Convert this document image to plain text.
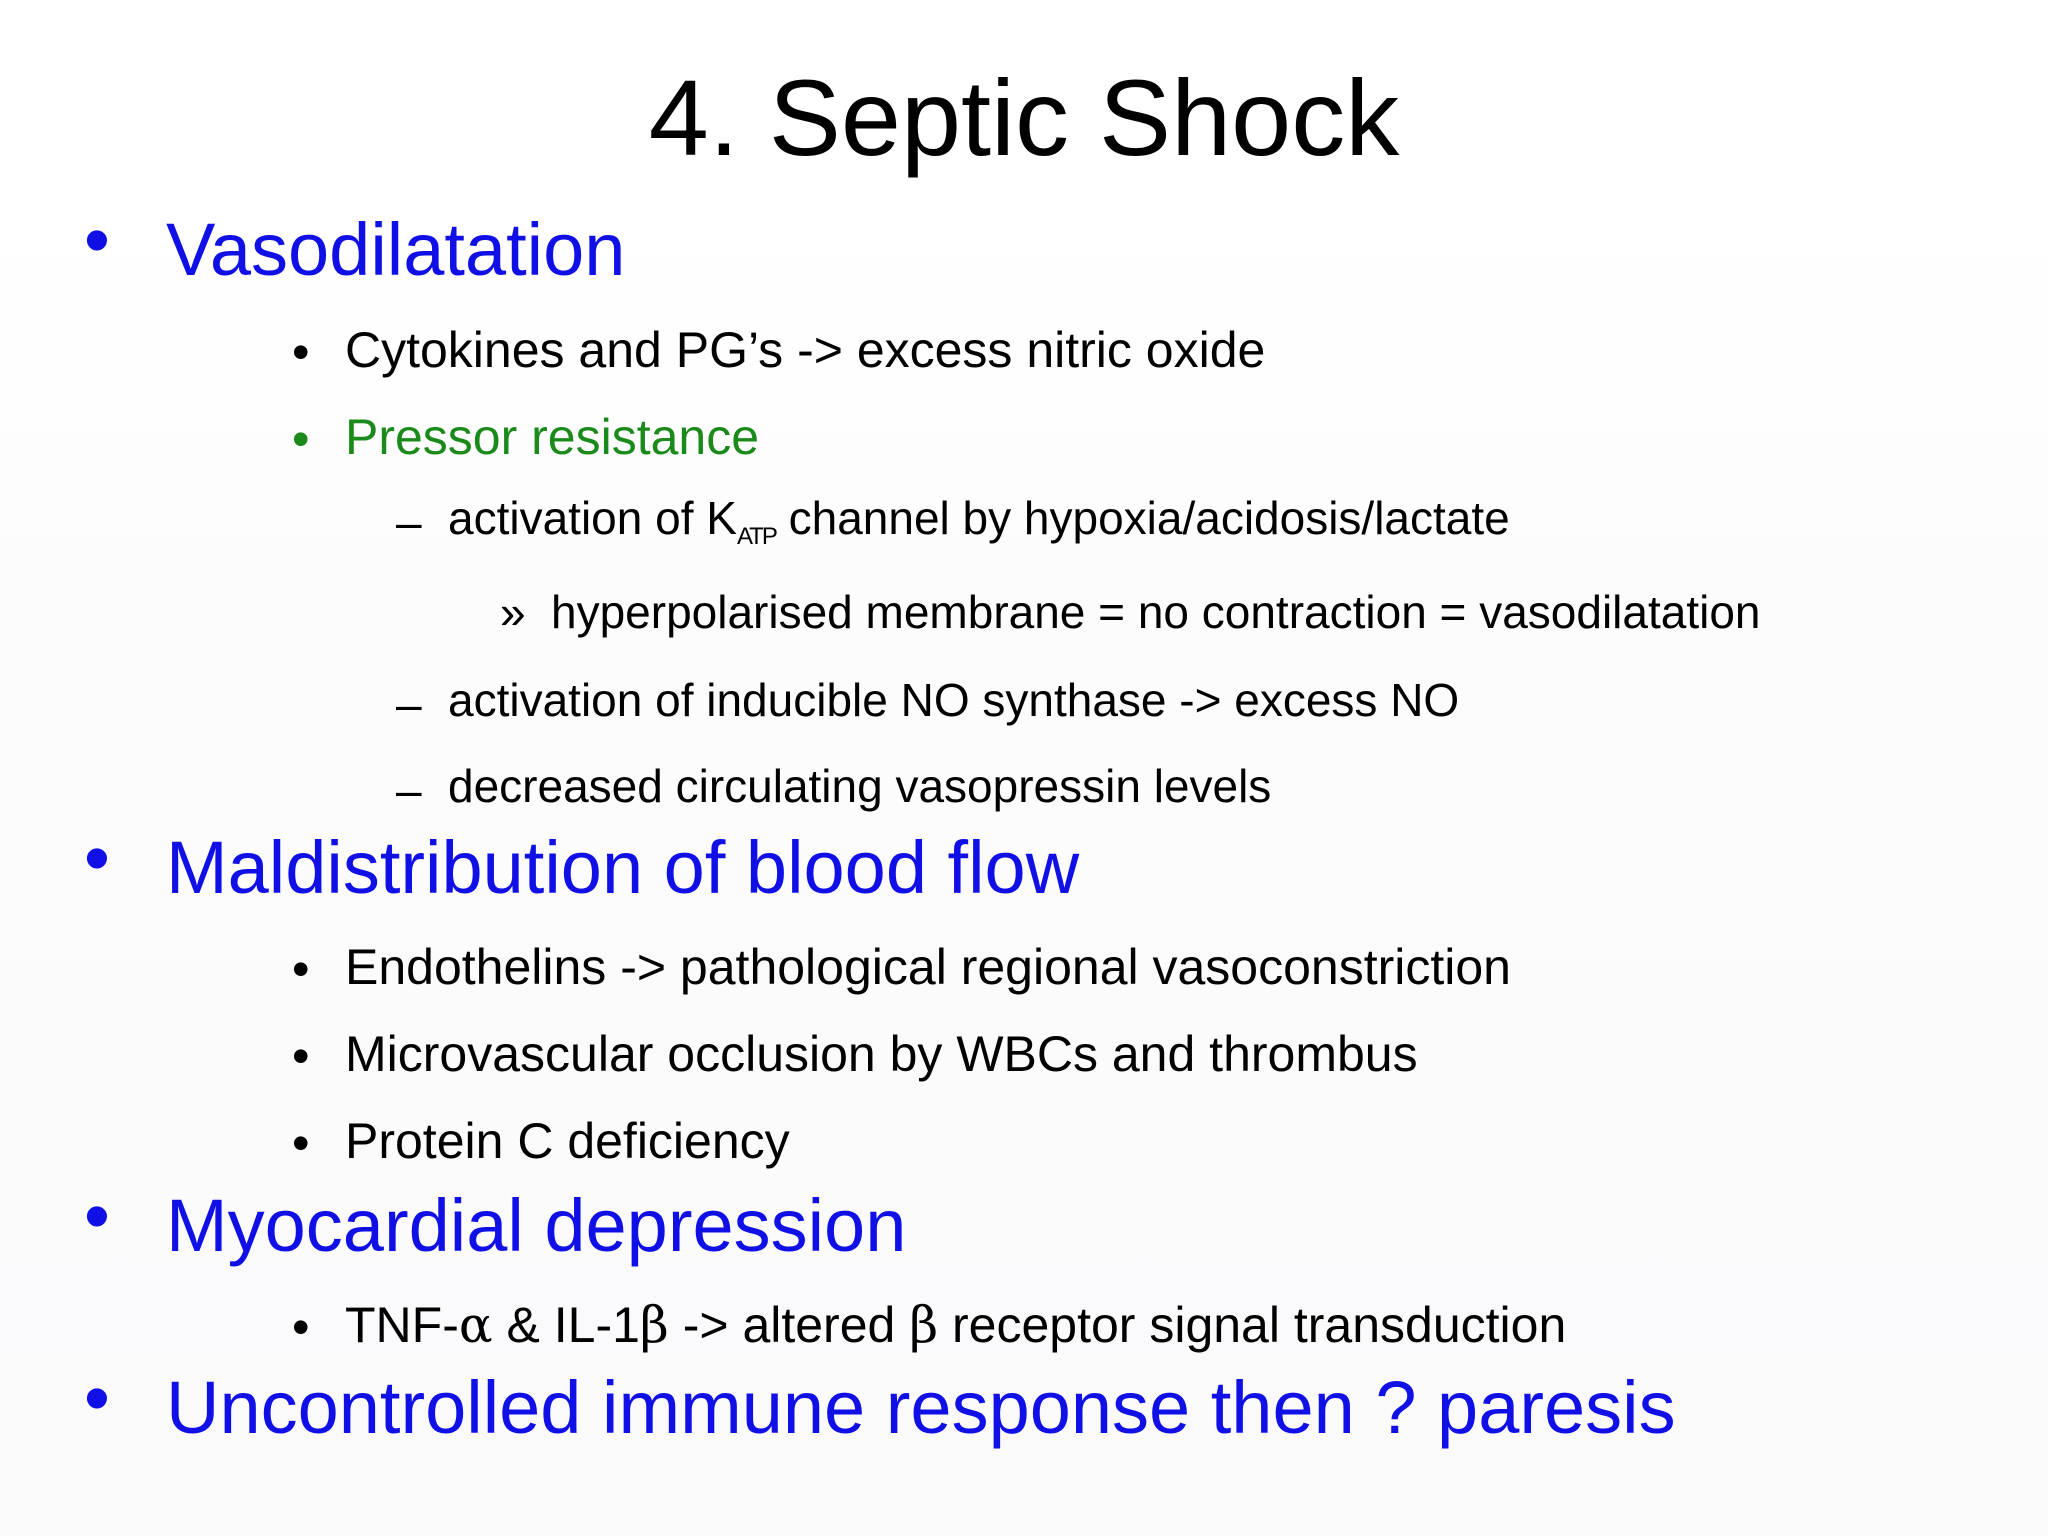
4. Septic Shock
• Vasodilatation
• Cytokines and PG’s -> excess nitric oxide
• Pressor resistance
– activation of $K_{ATP}$ channel by hypoxia/acidosis/lactate
» hyperpolarised membrane = no contraction = vasodilatation
– activation of inducible NO synthase -> excess NO
– decreased circulating vasopressin levels
• Maldistribution of blood flow
• Endothelins -> pathological regional vasoconstriction
• Microvascular occlusion by WBCs and thrombus
• Protein C deficiency
• Myocardial depression
• TNF-α & IL-1β -> altered β receptor signal transduction
• Uncontrolled immune response then ? paresis
